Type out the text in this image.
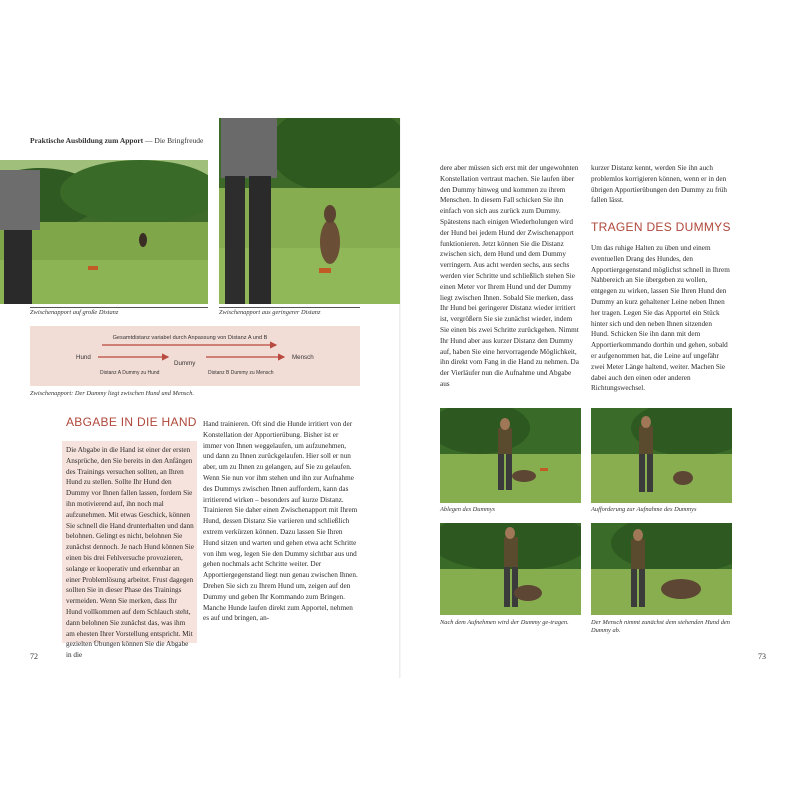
Praktische Ausbildung zum Apport — Die Bringfreude
Zwischenapport auf große Distanz	Zwischenapport aus geringerer Distanz
Gesamtdistanz variabel durch Anpassung von Distanz A und B
Hund
Dummy
Mensch
Distanz A Dummy zu Hund	Distanz B Dummy zu Mensch
Zwischenapport: Der Dummy liegt zwischen Hund und Mensch.
ABGABE IN DIE HAND

Die Abgabe in die Hand ist einer der ersten Ansprüche, den Sie bereits in den Anfängen des Trainings versuchen sollten, an Ihren Hund zu stellen. Sollte Ihr Hund den Dummy vor Ihnen fallen lassen, fordern Sie ihn motivierend auf, ihn noch mal aufzunehmen. Mit etwas Geschick, können Sie schnell die Hand drunterhalten und dann belohnen. Gelingt es nicht, belohnen Sie zunächst dennoch. Je nach Hund können Sie einen bis drei Fehlversuche provozieren, solange er kooperativ und erkennbar an einer Problemlösung arbeitet. Frust dagegen sollten Sie in dieser Phase des Trainings vermeiden. Wenn Sie merken, dass Ihr Hund vollkommen auf dem Schlauch steht, dann belohnen Sie zunächst das, was ihm am ehesten Ihrer Vorstellung entspricht. Mit gezielten Übungen können Sie die Abgabe in die

Hand trainieren. Oft sind die Hunde irritiert von der Konstellation der Apportierübung. Bisher ist er immer von Ihnen weggelaufen, um aufzunehmen, und dann zu Ihnen zurückgelaufen. Hier soll er nun aber, um zu Ihnen zu gelangen, auf Sie zu gelaufen. Wenn Sie nun vor ihm stehen und ihn zur Aufnahme des Dummys zwischen Ihnen auffordern, kann das irritierend wirken – besonders auf kurze Distanz. Trainieren Sie daher einen Zwischenapport mit Ihrem Hund, dessen Distanz Sie variieren und schließlich extrem verkürzen können. Dazu lassen Sie Ihren Hund sitzen und warten und gehen etwa acht Schritte von ihm weg, legen Sie den Dummy sichtbar aus und gehen nochmals acht Schritte weiter. Der Apportiergegenstand liegt nun genau zwischen Ihnen. Drehen Sie sich zu Ihrem Hund um, zeigen auf den Dummy und geben Ihr Kommando zum Bringen. Manche Hunde laufen direkt zum Apportel, nehmen es auf und bringen, an-

dere aber müssen sich erst mit der ungewohnten Konstellation vertraut machen. Sie laufen über den Dummy hinweg und kommen zu ihrem Menschen. In diesem Fall schicken Sie ihn einfach von sich aus zurück zum Dummy. Spätestens nach einigen Wiederholungen wird der Hund bei jedem Hund der Zwischenapport funktionieren. Jetzt können Sie die Distanz zwischen sich, dem Hund und dem Dummy verringern. Aus acht werden sechs, aus sechs werden vier Schritte und schließlich stehen Sie einen Meter vor Ihrem Hund und der Dummy liegt zwischen Ihnen. Sobald Sie merken, dass Ihr Hund bei geringerer Distanz wieder irritiert ist, vergrößern Sie sie zunächst wieder, indem Sie einen bis zwei Schritte zurückgehen. Nimmt Ihr Hund aber aus kurzer Distanz den Dummy auf, haben Sie eine hervorragende Möglichkeit, ihn direkt vom Fang in die Hand zu nehmen. Da der Vierläufer nun die Aufnahme und Abgabe aus

kurzer Distanz kennt, werden Sie ihn auch problemlos korrigieren können, wenn er in den übrigen Apportierübungen den Dummy zu früh fallen lässt.

TRAGEN DES DUMMYS

Um das ruhige Halten zu üben und einem eventuellen Drang des Hundes, den Apportiergegenstand möglichst schnell in Ihrem Nahbereich an Sie übergeben zu wollen, entgegen zu wirken, lassen Sie Ihren Hund den Dummy an kurz gehaltener Leine neben Ihnen her tragen. Legen Sie das Apportel ein Stück hinter sich und den neben Ihnen sitzenden Hund. Schicken Sie ihn dann mit dem Apportierkommando dorthin und gehen, sobald er aufgenommen hat, die Leine auf ungefähr zwei Meter Länge haltend, weiter. Machen Sie dabei auch den einen oder anderen Richtungswechsel.

Ablegen des Dummys	Aufforderung zur Aufnahme des Dummys
Nach dem Aufnehmen wird der Dummy ge-tragen.	Der Mensch nimmt zunächst dem stehenden Hund den Dummy ab.
72	73
